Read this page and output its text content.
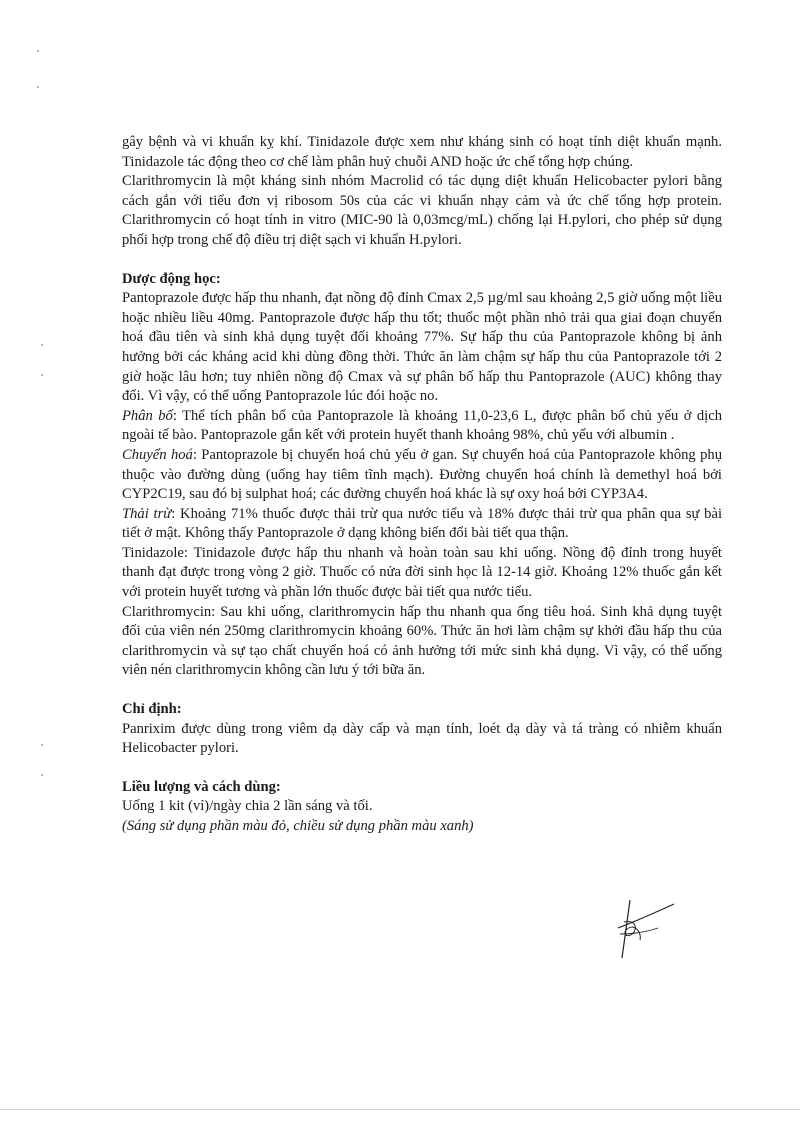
gây bệnh và vi khuẩn kỵ khí. Tinidazole được xem như kháng sinh có hoạt tính diệt khuẩn mạnh. Tinidazole tác động theo cơ chế làm phân huỷ chuỗi AND hoặc ức chế tổng hợp chúng.

Clarithromycin là một kháng sinh nhóm Macrolid có tác dụng diệt khuẩn Helicobacter pylori bằng cách gắn với tiểu đơn vị ribosom 50s của các vi khuẩn nhạy cảm và ức chế tổng hợp protein. Clarithromycin có hoạt tính in vitro (MIC-90 là 0,03mcg/mL) chống lại H.pylori, cho phép sử dụng phối hợp trong chế độ điều trị diệt sạch vi khuẩn H.pylori.

Dược động học:

Pantoprazole được hấp thu nhanh, đạt nồng độ đỉnh Cmax 2,5 µg/ml sau khoảng 2,5 giờ uống một liều hoặc nhiều liều 40mg. Pantoprazole được hấp thu tốt; thuốc một phần nhỏ trải qua giai đoạn chuyển hoá đầu tiên và sinh khả dụng tuyệt đối khoảng 77%. Sự hấp thu của Pantoprazole không bị ảnh hưởng bởi các kháng acid khi dùng đồng thời. Thức ăn làm chậm sự hấp thu của Pantoprazole tới 2 giờ hoặc lâu hơn; tuy nhiên nồng độ Cmax và sự phân bố hấp thu Pantoprazole (AUC) không thay đổi. Vì vậy, có thể uống Pantoprazole lúc đói hoặc no.

Phân bố: Thể tích phân bố của Pantoprazole là khoảng 11,0-23,6 L, được phân bố chủ yếu ở dịch ngoài tế bào. Pantoprazole gắn kết với protein huyết thanh khoảng 98%, chủ yếu với albumin .

Chuyển hoá: Pantoprazole bị chuyển hoá chủ yếu ở gan. Sự chuyển hoá của Pantoprazole không phụ thuộc vào đường dùng (uống hay tiêm tĩnh mạch). Đường chuyển hoá chính là demethyl hoá bởi CYP2C19, sau đó bị sulphat hoá; các đường chuyển hoá khác là sự oxy hoá bởi CYP3A4.

Thải trừ: Khoảng 71% thuốc được thải trừ qua nước tiểu và 18% được thải trừ qua phân qua sự bài tiết ở mật. Không thấy Pantoprazole ở dạng không biến đổi bài tiết qua thận.

Tinidazole: Tinidazole được hấp thu nhanh và hoàn toàn sau khi uống. Nồng độ đỉnh trong huyết thanh đạt được trong vòng 2 giờ. Thuốc có nửa đời sinh học là 12-14 giờ. Khoảng 12% thuốc gắn kết với protein huyết tương và phần lớn thuốc được bài tiết qua nước tiểu.

Clarithromycin: Sau khi uống, clarithromycin hấp thu nhanh qua ống tiêu hoá. Sinh khả dụng tuyệt đối của viên nén 250mg clarithromycin khoảng 60%. Thức ăn hơi làm chậm sự khởi đầu hấp thu của clarithromycin và sự tạo chất chuyển hoá có ảnh hưởng tới mức sinh khả dụng. Vì vậy, có thể uống viên nén clarithromycin không cần lưu ý tới bữa ăn.

Chỉ định:

Panrixim được dùng trong viêm dạ dày cấp và mạn tính, loét dạ dày và tá tràng có nhiễm khuẩn Helicobacter pylori.

Liều lượng và cách dùng:

Uống 1 kit (vỉ)/ngày chia 2 lần sáng và tối.

(Sáng sử dụng phần màu đỏ, chiều sử dụng phần màu xanh)
